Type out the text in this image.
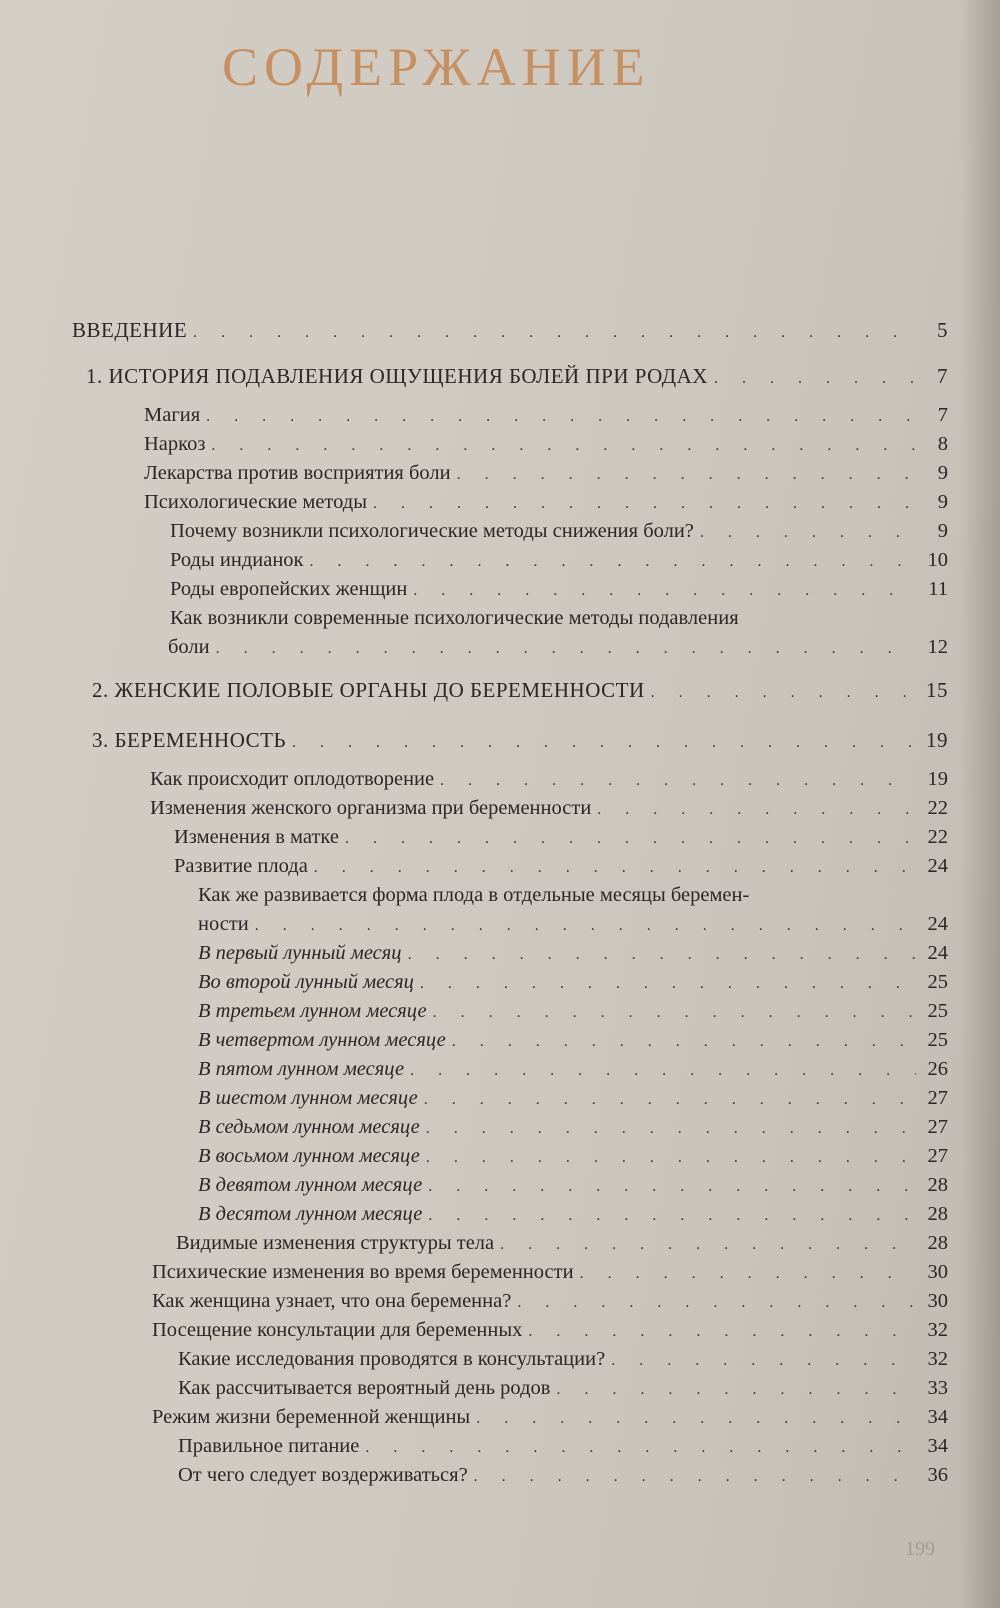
СОДЕРЖАНИЕ
ВВЕДЕНИЕ . . .	5
1. ИСТОРИЯ ПОДАВЛЕНИЯ ОЩУЩЕНИЯ БОЛЕЙ ПРИ РОДАХ . . .	7
Магия . . .	7
Наркоз . . .	8
Лекарства против восприятия боли . . .	9
Психологические методы . . .	9
Почему возникли психологические методы снижения боли? . . .	9
Роды индианок . . .	10
Роды европейских женщин . . .	11
Как возникли современные психологические методы подавления
боли . . .	12
2. ЖЕНСКИЕ ПОЛОВЫЕ ОРГАНЫ ДО БЕРЕМЕННОСТИ . . .	15
3. БЕРЕМЕННОСТЬ . . .	19
Как происходит оплодотворение . . .	19
Изменения женского организма при беременности . . .	22
Изменения в матке . . .	22
Развитие плода . . .	24
Как же развивается форма плода в отдельные месяцы беремен-
ности . . .	24
В первый лунный месяц . . .	24
Во второй лунный месяц . . .	25
В третьем лунном месяце . . .	25
В четвертом лунном месяце . . .	25
В пятом лунном месяце . . .	26
В шестом лунном месяце . . .	27
В седьмом лунном месяце . . .	27
В восьмом лунном месяце . . .	27
В девятом лунном месяце . . .	28
В десятом лунном месяце . . .	28
Видимые изменения структуры тела . . .	28
Психические изменения во время беременности . . .	30
Как женщина узнает, что она беременна? . . .	30
Посещение консультации для беременных . . .	32
Какие исследования проводятся в консультации? . . .	32
Как рассчитывается вероятный день родов . . .	33
Режим жизни беременной женщины . . .	34
Правильное питание . . .	34
От чего следует воздерживаться? . . .	36
199
